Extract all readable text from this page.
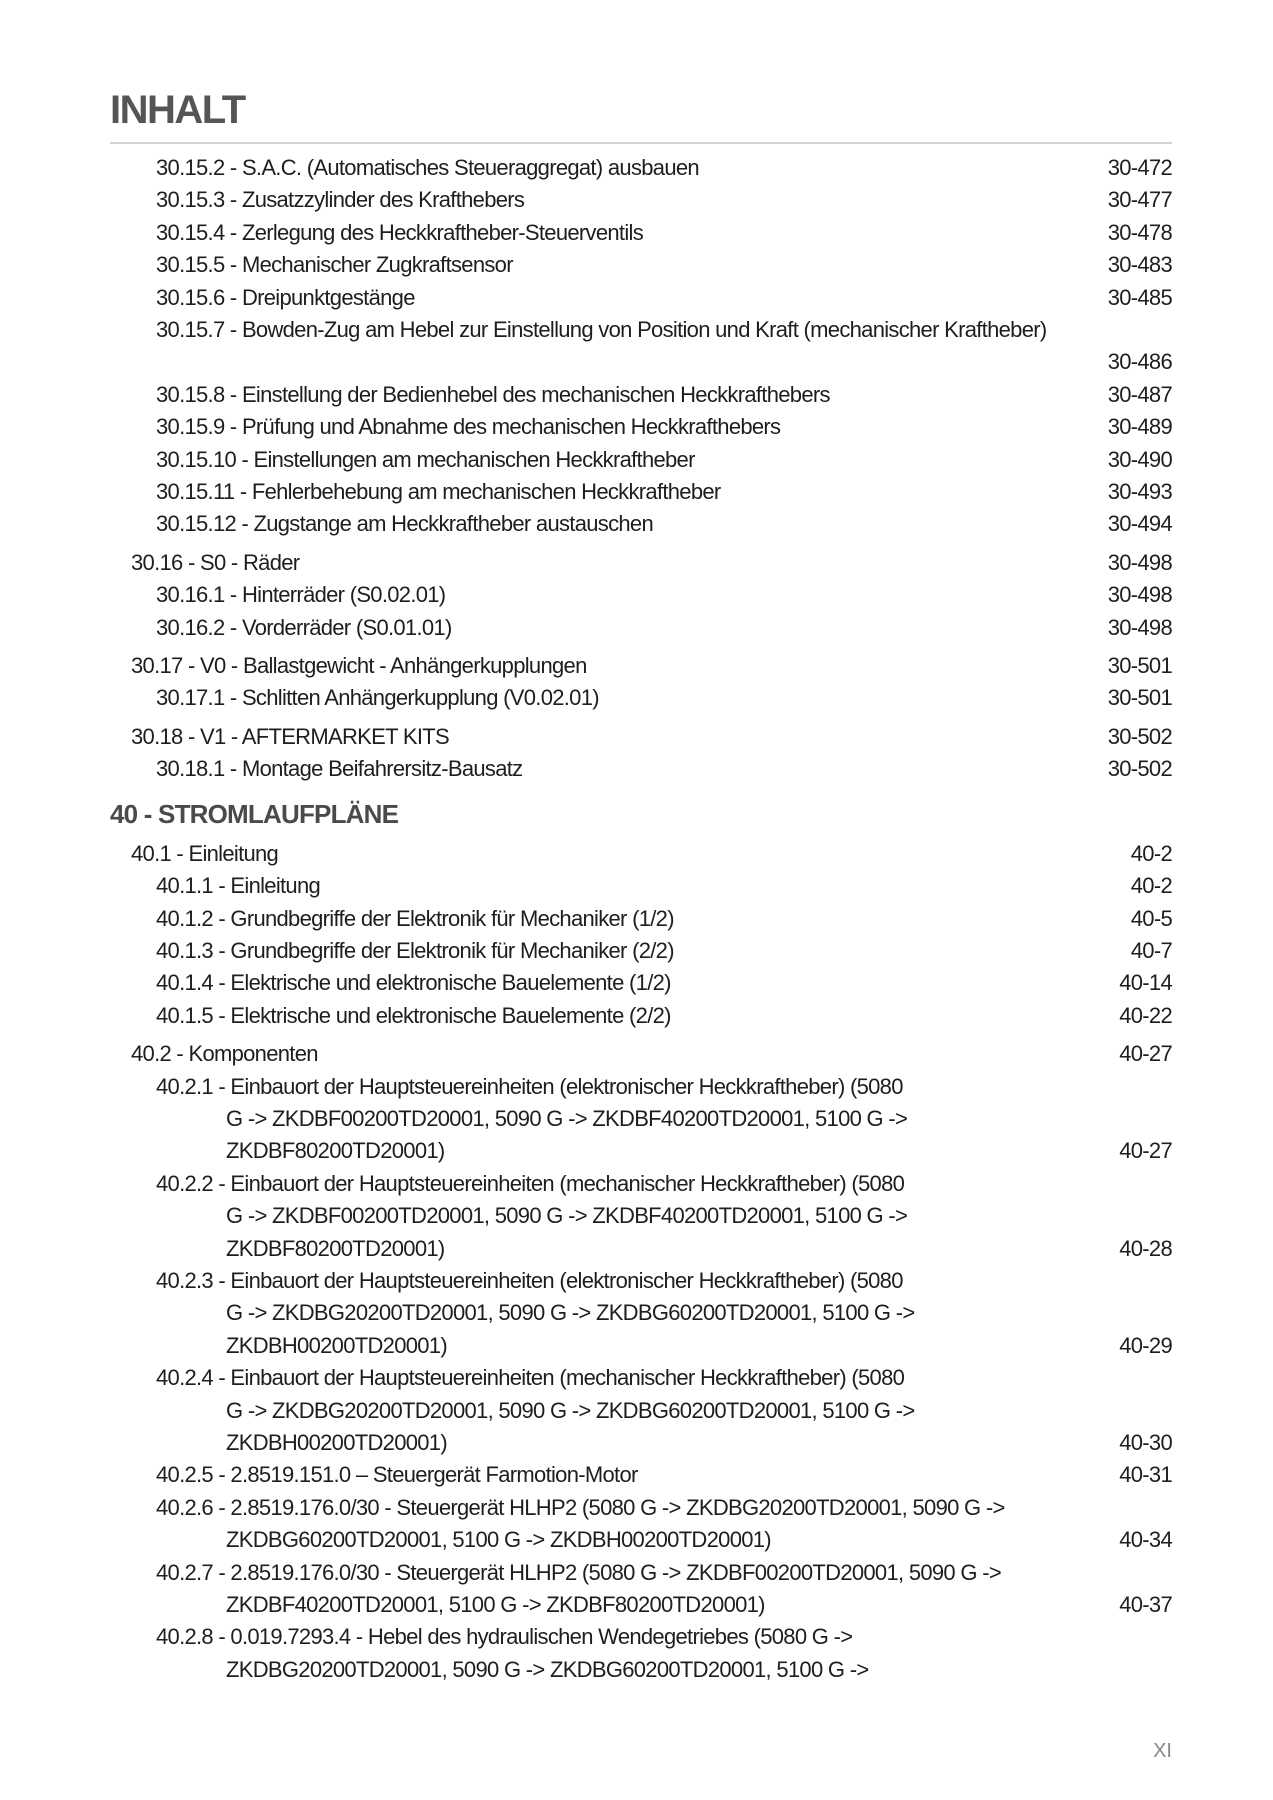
INHALT
30.15.2 - S.A.C. (Automatisches Steueraggregat) ausbauen	30-472
30.15.3 - Zusatzzylinder des Krafthebers	30-477
30.15.4 - Zerlegung des Heckkraftheber-Steuerventils	30-478
30.15.5 - Mechanischer Zugkraftsensor	30-483
30.15.6 - Dreipunktgestänge	30-485
30.15.7 - Bowden-Zug am Hebel zur Einstellung von Position und Kraft (mechanischer Kraftheber)
30-486
30.15.8 - Einstellung der Bedienhebel des mechanischen Heckkrafthebers	30-487
30.15.9 - Prüfung und Abnahme des mechanischen Heckkrafthebers	30-489
30.15.10 - Einstellungen am mechanischen Heckkraftheber	30-490
30.15.11 - Fehlerbehebung am mechanischen Heckkraftheber	30-493
30.15.12 - Zugstange am Heckkraftheber austauschen	30-494
30.16 - S0 - Räder	30-498
30.16.1 - Hinterräder (S0.02.01)	30-498
30.16.2 - Vorderräder (S0.01.01)	30-498
30.17 - V0 - Ballastgewicht - Anhängerkupplungen	30-501
30.17.1 - Schlitten Anhängerkupplung (V0.02.01)	30-501
30.18 - V1 - AFTERMARKET KITS	30-502
30.18.1 - Montage Beifahrersitz-Bausatz	30-502
40 - STROMLAUFPLÄNE
40.1 - Einleitung	40-2
40.1.1 - Einleitung	40-2
40.1.2 - Grundbegriffe der Elektronik für Mechaniker (1/2)	40-5
40.1.3 - Grundbegriffe der Elektronik für Mechaniker (2/2)	40-7
40.1.4 - Elektrische und elektronische Bauelemente (1/2)	40-14
40.1.5 - Elektrische und elektronische Bauelemente (2/2)	40-22
40.2 - Komponenten	40-27
40.2.1 - Einbauort der Hauptsteuereinheiten (elektronischer Heckkraftheber) (5080
G -> ZKDBF00200TD20001, 5090 G -> ZKDBF40200TD20001, 5100 G ->
ZKDBF80200TD20001)	40-27
40.2.2 - Einbauort der Hauptsteuereinheiten (mechanischer Heckkraftheber) (5080
G -> ZKDBF00200TD20001, 5090 G -> ZKDBF40200TD20001, 5100 G ->
ZKDBF80200TD20001)	40-28
40.2.3 - Einbauort der Hauptsteuereinheiten (elektronischer Heckkraftheber) (5080
G -> ZKDBG20200TD20001, 5090 G -> ZKDBG60200TD20001, 5100 G ->
ZKDBH00200TD20001)	40-29
40.2.4 - Einbauort der Hauptsteuereinheiten (mechanischer Heckkraftheber) (5080
G -> ZKDBG20200TD20001, 5090 G -> ZKDBG60200TD20001, 5100 G ->
ZKDBH00200TD20001)	40-30
40.2.5 - 2.8519.151.0 – Steuergerät Farmotion-Motor	40-31
40.2.6 - 2.8519.176.0/30 - Steuergerät HLHP2 (5080 G -> ZKDBG20200TD20001, 5090 G ->
ZKDBG60200TD20001, 5100 G -> ZKDBH00200TD20001)	40-34
40.2.7 - 2.8519.176.0/30 - Steuergerät HLHP2 (5080 G -> ZKDBF00200TD20001, 5090 G ->
ZKDBF40200TD20001, 5100 G -> ZKDBF80200TD20001)	40-37
40.2.8 - 0.019.7293.4 - Hebel des hydraulischen Wendegetriebes (5080 G ->
ZKDBG20200TD20001, 5090 G -> ZKDBG60200TD20001, 5100 G ->
XI
